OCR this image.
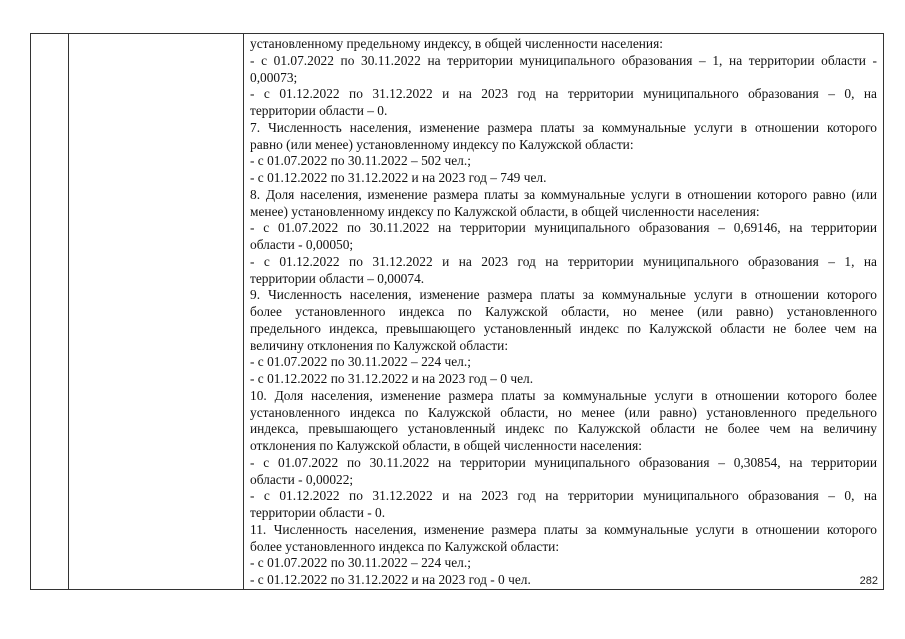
установленному предельному индексу, в общей численности населения:
- с 01.07.2022 по 30.11.2022 на территории муниципального образования – 1, на территории области -
0,00073;
- с 01.12.2022 по 31.12.2022 и на 2023 год на территории муниципального образования – 0, на
территории области – 0.
7. Численность населения, изменение размера платы за коммунальные услуги в отношении которого
равно (или менее) установленному индексу по Калужской области:
- с 01.07.2022 по 30.11.2022 – 502 чел.;
- с 01.12.2022 по 31.12.2022 и на 2023 год – 749 чел.
8. Доля населения, изменение размера платы за коммунальные услуги в отношении которого равно (или
менее) установленному индексу по Калужской области, в общей численности населения:
- с 01.07.2022 по 30.11.2022 на территории муниципального образования – 0,69146, на территории
области - 0,00050;
- с 01.12.2022 по 31.12.2022 и на 2023 год на территории муниципального образования – 1, на
территории области – 0,00074.
9. Численность населения, изменение размера платы за коммунальные услуги в отношении которого
более установленного индекса по Калужской области, но менее (или равно) установленного
предельного индекса, превышающего установленный индекс по Калужской области не более чем на
величину отклонения по Калужской области:
- с 01.07.2022 по 30.11.2022 – 224 чел.;
- с 01.12.2022 по 31.12.2022 и на 2023 год – 0 чел.
10. Доля населения, изменение размера платы за коммунальные услуги в отношении которого более
установленного индекса по Калужской области, но менее (или равно) установленного предельного
индекса, превышающего установленный индекс по Калужской области не более чем на величину
отклонения по Калужской области, в общей численности населения:
- с 01.07.2022 по 30.11.2022 на территории муниципального образования – 0,30854, на территории
области - 0,00022;
- с 01.12.2022 по 31.12.2022 и на 2023 год на территории муниципального образования – 0, на
территории области - 0.
11. Численность населения, изменение размера платы за коммунальные услуги в отношении которого
более установленного индекса по Калужской области:
- с 01.07.2022 по 30.11.2022 – 224 чел.;
- с 01.12.2022 по 31.12.2022 и на 2023 год - 0 чел.	282
